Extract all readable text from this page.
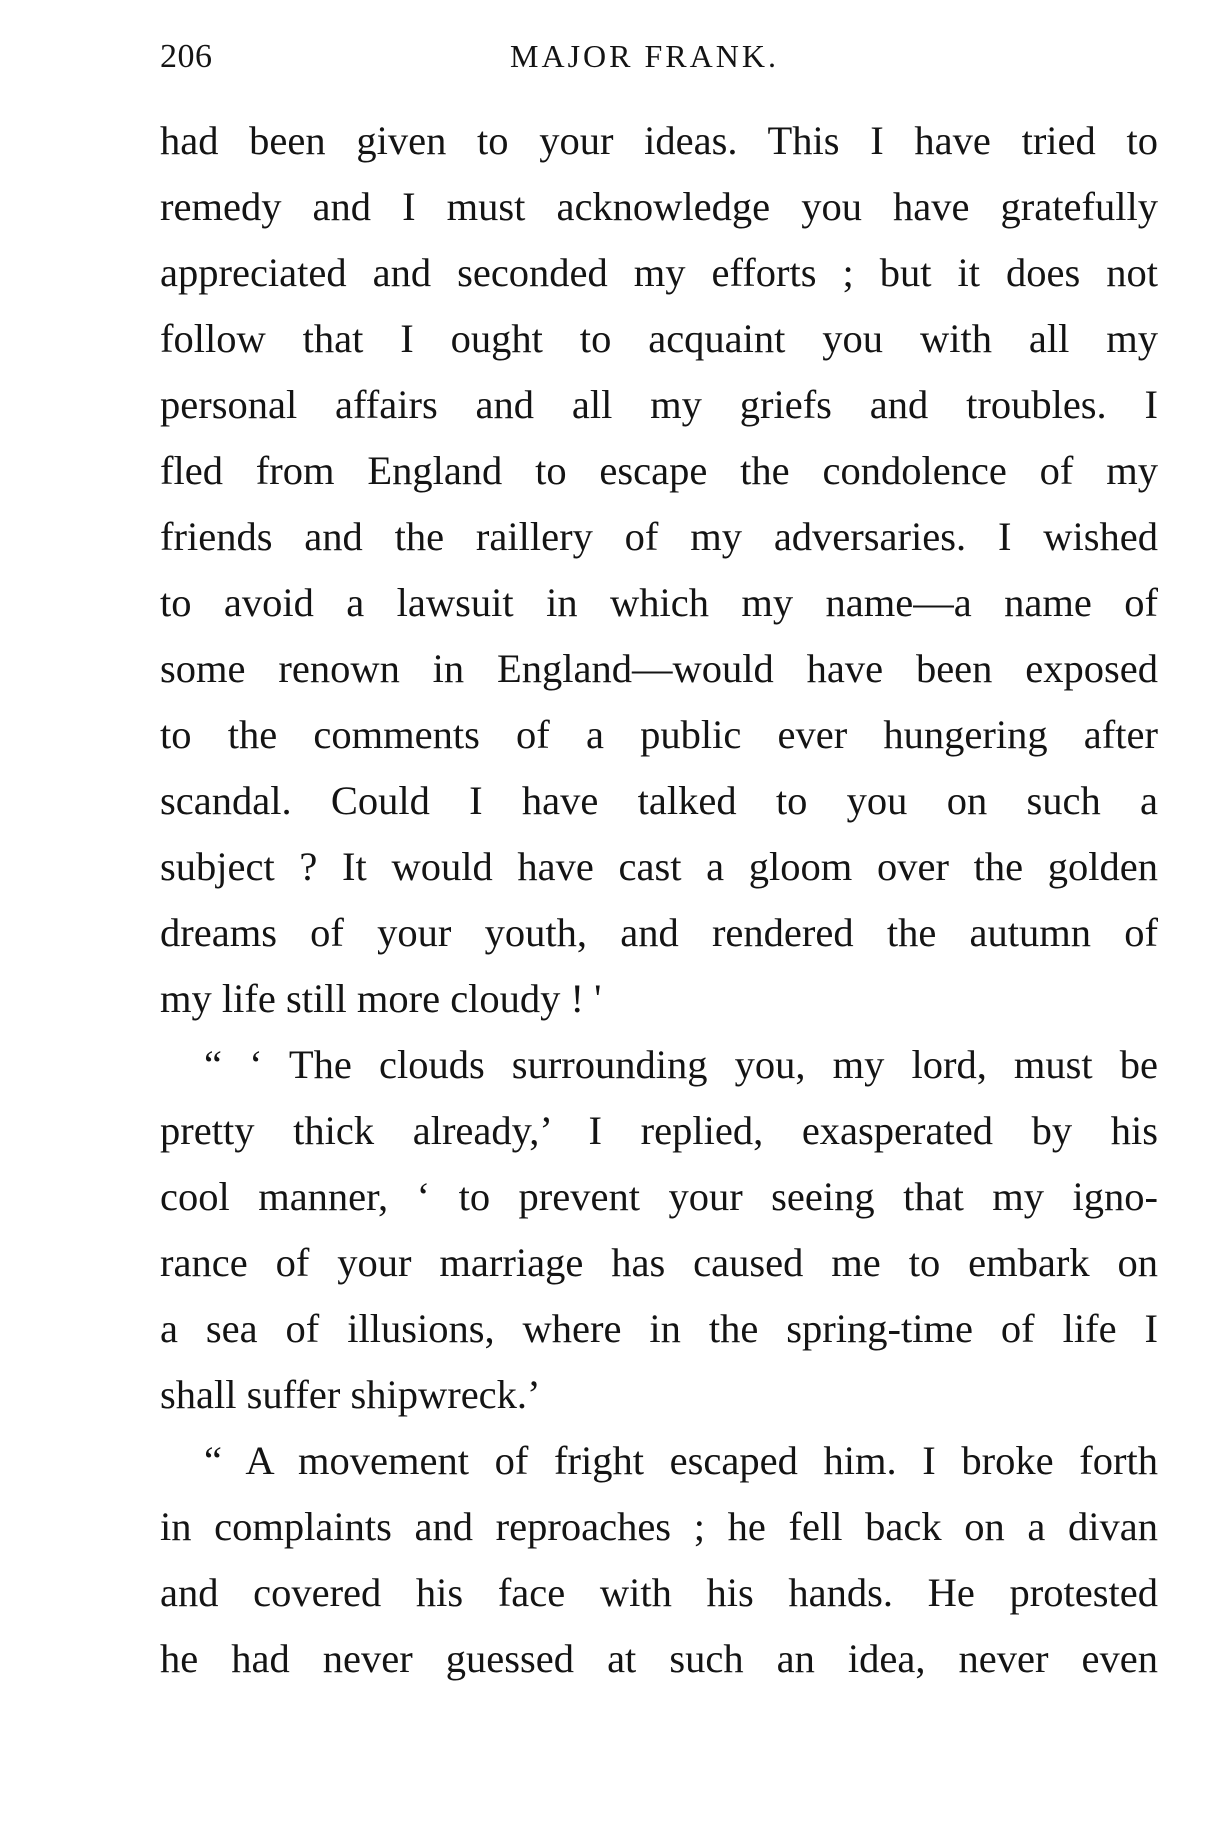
206	MAJOR FRANK.
had been given to your ideas. This I have tried to
remedy and I must acknowledge you have gratefully
appreciated and seconded my efforts ; but it does not
follow that I ought to acquaint you with all my
personal affairs and all my griefs and troubles. I
fled from England to escape the condolence of my
friends and the raillery of my adversaries. I wished
to avoid a lawsuit in which my name—a name of
some renown in England—would have been exposed
to the comments of a public ever hungering after
scandal. Could I have talked to you on such a
subject ? It would have cast a gloom over the golden
dreams of your youth, and rendered the autumn of
my life still more cloudy ! '
“ ‘ The clouds surrounding you, my lord, must be
pretty thick already,’ I replied, exasperated by his
cool manner, ‘ to prevent your seeing that my igno-
rance of your marriage has caused me to embark on
a sea of illusions, where in the spring-time of life I
shall suffer shipwreck.’
“ A movement of fright escaped him. I broke forth
in complaints and reproaches ; he fell back on a divan
and covered his face with his hands. He protested
he had never guessed at such an idea, never even
